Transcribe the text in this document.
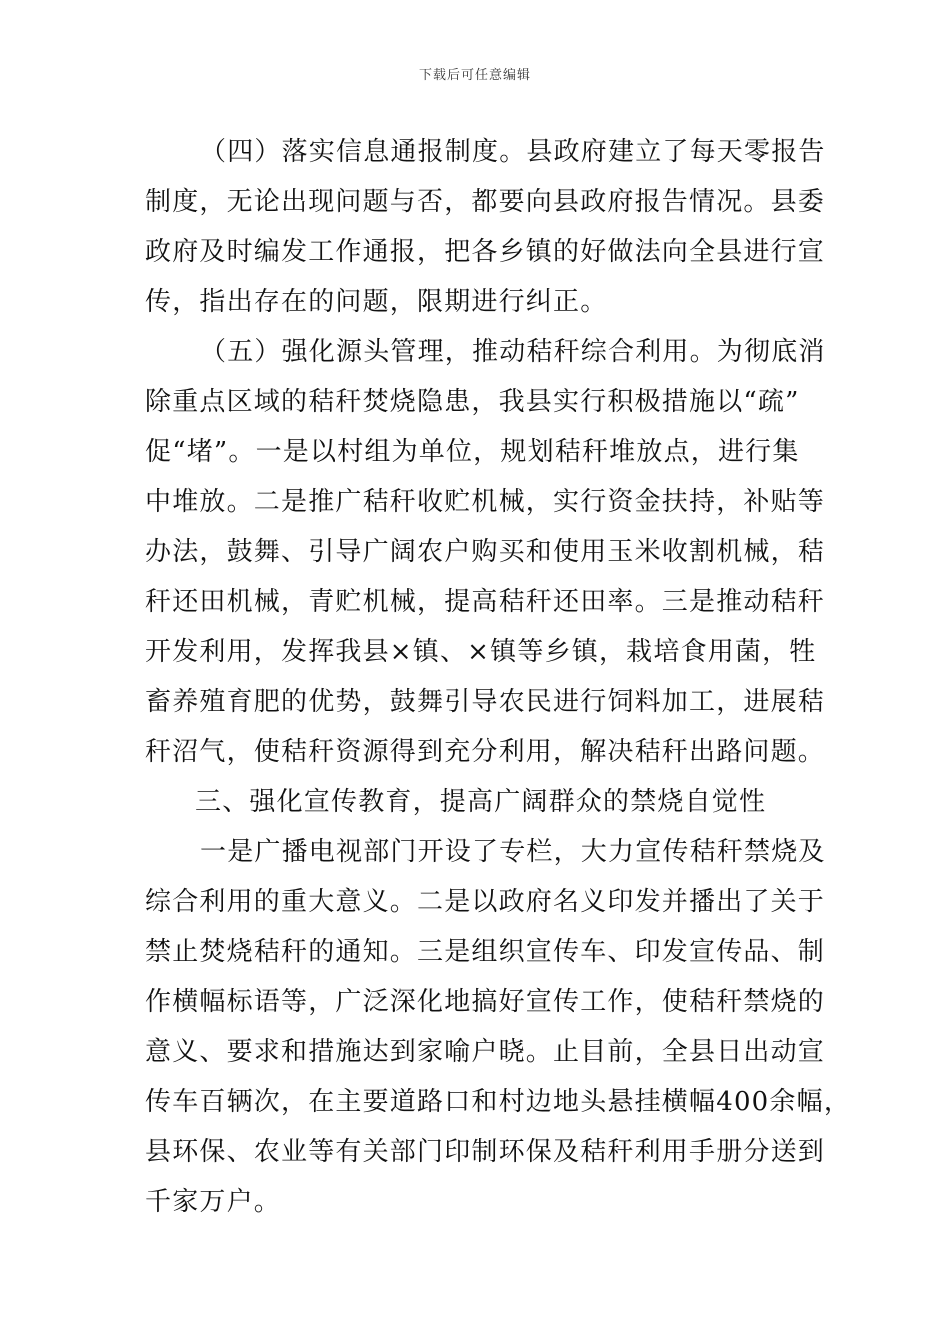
下载后可任意编辑
（四）落实信息通报制度。县政府建立了每天零报告
制度，无论出现问题与否，都要向县政府报告情况。县委
政府及时编发工作通报，把各乡镇的好做法向全县进行宣
传，指出存在的问题，限期进行纠正。
（五）强化源头管理，推动秸秆综合利用。为彻底消
除重点区域的秸秆焚烧隐患，我县实行积极措施以“疏”
促“堵”。一是以村组为单位，规划秸秆堆放点，进行集
中堆放。二是推广秸秆收贮机械，实行资金扶持，补贴等
办法，鼓舞、引导广阔农户购买和使用玉米收割机械，秸
秆还田机械，青贮机械，提高秸秆还田率。三是推动秸秆
开发利用，发挥我县×镇、×镇等乡镇，栽培食用菌，牲
畜养殖育肥的优势，鼓舞引导农民进行饲料加工，进展秸
秆沼气，使秸秆资源得到充分利用，解决秸秆出路问题。
三、强化宣传教育，提高广阔群众的禁烧自觉性
一是广播电视部门开设了专栏，大力宣传秸秆禁烧及
综合利用的重大意义。二是以政府名义印发并播出了关于
禁止焚烧秸秆的通知。三是组织宣传车、印发宣传品、制
作横幅标语等，广泛深化地搞好宣传工作，使秸秆禁烧的
意义、要求和措施达到家喻户晓。止目前，全县日出动宣
传车百辆次，在主要道路口和村边地头悬挂横幅400余幅，
县环保、农业等有关部门印制环保及秸秆利用手册分送到
千家万户。
